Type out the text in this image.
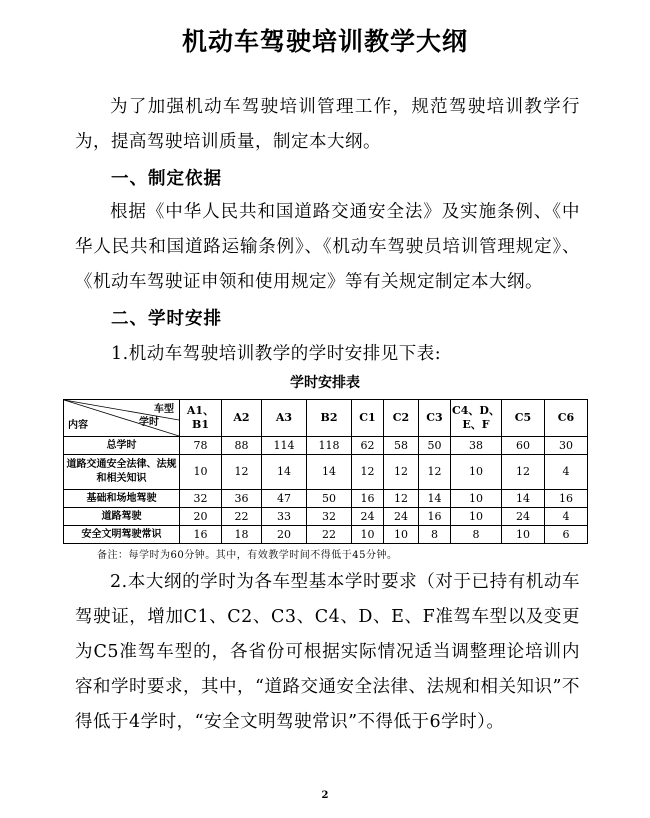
机动车驾驶培训教学大纲

为了加强机动车驾驶培训管理工作，规范驾驶培训教学行为，提高驾驶培训质量，制定本大纲。

一、制定依据

根据《中华人民共和国道路交通安全法》及实施条例、《中华人民共和国道路运输条例》、《机动车驾驶员培训管理规定》、《机动车驾驶证申领和使用规定》等有关规定制定本大纲。

二、学时安排
1.机动车驾驶培训教学的学时安排见下表:
学时安排表
车型
学时
内容	A1、B1	A2	A3	B2	C1	C2	C3	C4、D、E、F	C5	C6
总学时	78	88	114	118	62	58	50	38	60	30
道路交通安全法律、法规和相关知识	10	12	14	14	12	12	12	10	12	4
基础和场地驾驶	32	36	47	50	16	12	14	10	14	16
道路驾驶	20	22	33	32	24	24	16	10	24	4
安全文明驾驶常识	16	18	20	22	10	10	8	8	10	6
备注：每学时为60分钟。其中，有效教学时间不得低于45分钟。

2.本大纲的学时为各车型基本学时要求（对于已持有机动车驾驶证，增加C1、C2、C3、C4、D、E、F准驾车型以及变更为C5准驾车型的，各省份可根据实际情况适当调整理论培训内容和学时要求，其中，“道路交通安全法律、法规和相关知识”不得低于4学时，“安全文明驾驶常识”不得低于6学时）。

2
